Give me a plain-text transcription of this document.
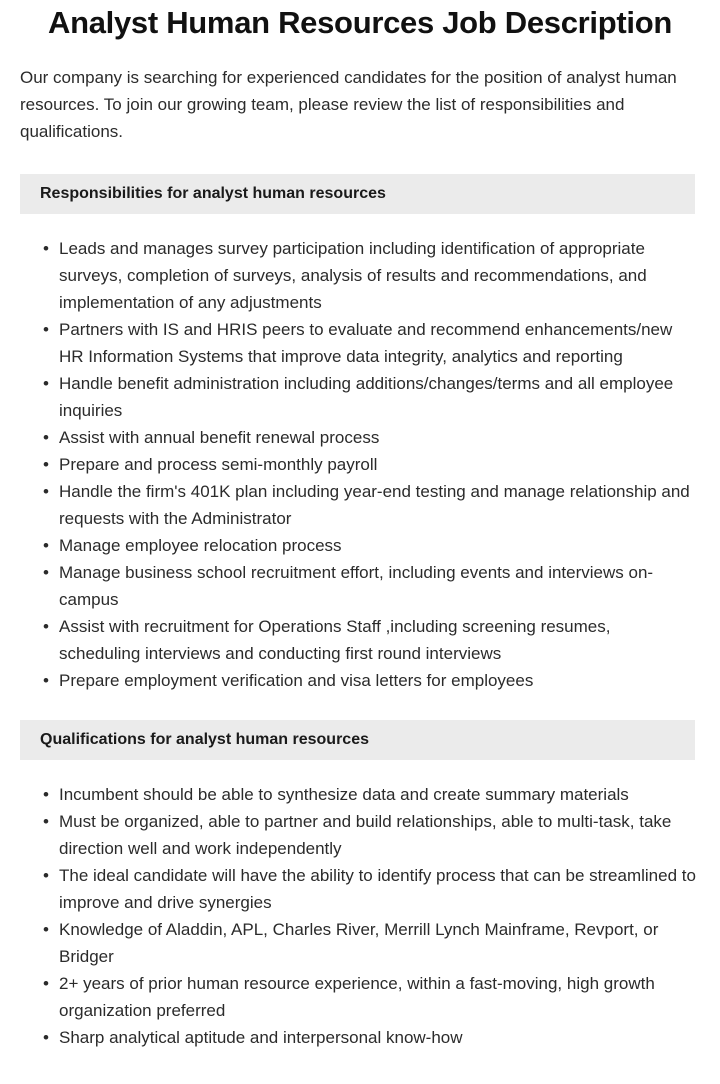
Analyst Human Resources Job Description

Our company is searching for experienced candidates for the position of analyst human resources. To join our growing team, please review the list of responsibilities and qualifications.

Responsibilities for analyst human resources
• Leads and manages survey participation including identification of appropriate surveys, completion of surveys, analysis of results and recommendations, and implementation of any adjustments
• Partners with IS and HRIS peers to evaluate and recommend enhancements/new HR Information Systems that improve data integrity, analytics and reporting
• Handle benefit administration including additions/changes/terms and all employee inquiries
• Assist with annual benefit renewal process
• Prepare and process semi-monthly payroll
• Handle the firm's 401K plan including year-end testing and manage relationship and requests with the Administrator
• Manage employee relocation process
• Manage business school recruitment effort, including events and interviews on-campus
• Assist with recruitment for Operations Staff ,including screening resumes, scheduling interviews and conducting first round interviews
• Prepare employment verification and visa letters for employees
Qualifications for analyst human resources
• Incumbent should be able to synthesize data and create summary materials
• Must be organized, able to partner and build relationships, able to multi-task, take direction well and work independently
• The ideal candidate will have the ability to identify process that can be streamlined to improve and drive synergies
• Knowledge of Aladdin, APL, Charles River, Merrill Lynch Mainframe, Revport, or Bridger
• 2+ years of prior human resource experience, within a fast-moving, high growth organization preferred
• Sharp analytical aptitude and interpersonal know-how
